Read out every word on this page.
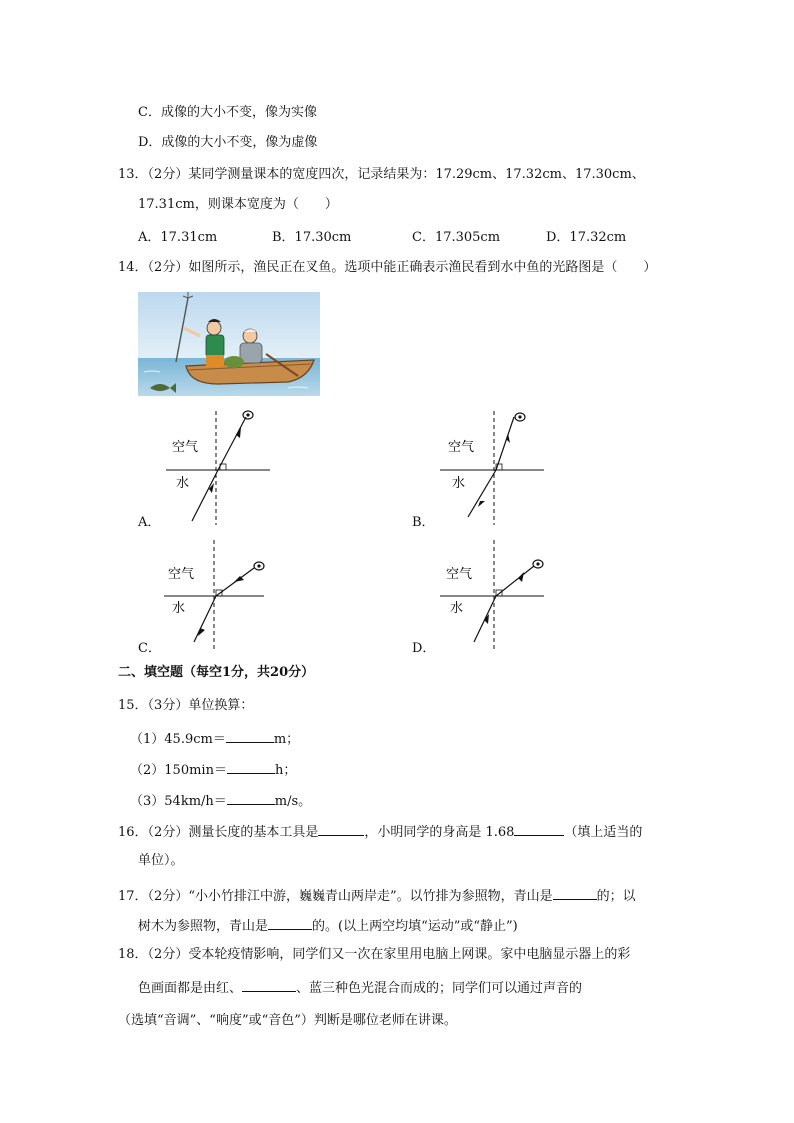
C．成像的大小不变，像为实像
D．成像的大小不变，像为虚像
13．（2分）某同学测量课本的宽度四次，记录结果为：17.29cm、17.32cm、17.30cm、
17.31cm，则课本宽度为（　　）
A．17.31cm	B．17.30cm	C．17.305cm	D．17.32cm
14．（2分）如图所示，渔民正在叉鱼。选项中能正确表示渔民看到水中鱼的光路图是（　　）
空气
水
A．
空气
水
B．
空气
水
C．
空气
水
D．
二、填空题（每空1分，共20分）
15．（3分）单位换算：
（1）45.9cm＝	m；
（2）150min＝	h；
（3）54km/h＝	m/s。
16．（2分）测量长度的基本工具是	，小明同学的身高是 1.68	（填上适当的
单位）。
17．（2分）“小小竹排江中游，巍巍青山两岸走”。以竹排为参照物，青山是	的；以
树木为参照物，青山是	的。(以上两空均填“运动”或“静止”)
18．（2分）受本轮疫情影响，同学们又一次在家里用电脑上网课。家中电脑显示器上的彩
色画面都是由红、	、蓝三种色光混合而成的；同学们可以通过声音的
（选填“音调”、“响度”或“音色”）判断是哪位老师在讲课。
